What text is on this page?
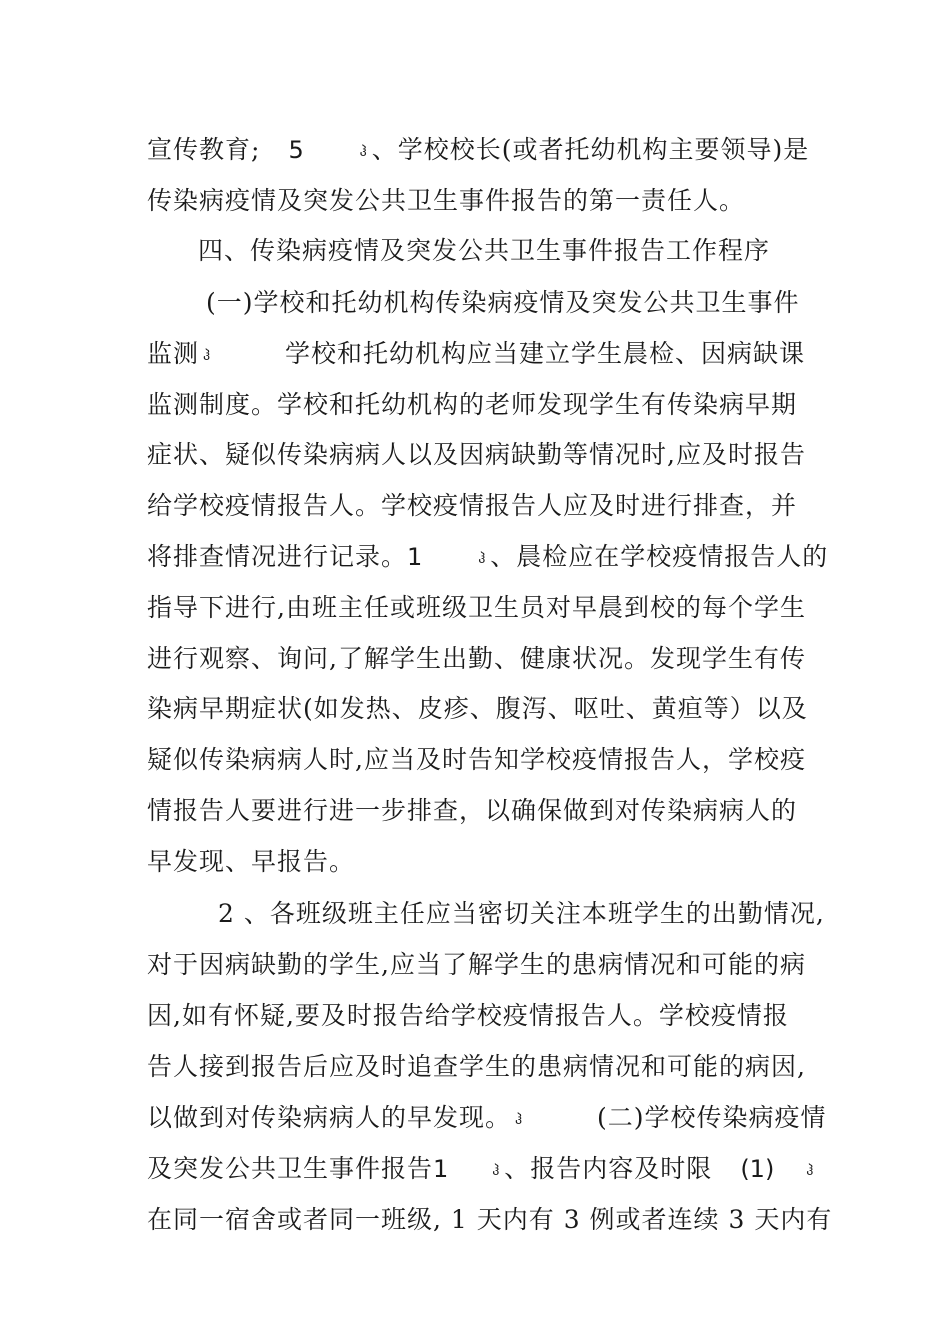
宣传教育; 5	ჰ 、学校校长(或者托幼机构主要领导)是
传染病疫情及突发公共卫生事件报告的第一责任人。
四、传染病疫情及突发公共卫生事件报告工作程序
(一)学校和托幼机构传染病疫情及突发公共卫生事件
监测 ჰ	学校和托幼机构应当建立学生晨检、因病缺课
监测制度。学校和托幼机构的老师发现学生有传染病早期
症状、疑似传染病病人以及因病缺勤等情况时,应及时报告
给学校疫情报告人。学校疫情报告人应及时进行排查，并
将排查情况进行记录。1	ჰ 、晨检应在学校疫情报告人的
指导下进行,由班主任或班级卫生员对早晨到校的每个学生
进行观察、询问,了解学生出勤、健康状况。发现学生有传
染病早期症状(如发热、皮疹、腹泻、呕吐、黄疸等）以及
疑似传染病病人时,应当及时告知学校疫情报告人，学校疫
情报告人要进行进一步排查，以确保做到对传染病病人的
早发现、早报告。
2 、各班级班主任应当密切关注本班学生的出勤情况,
对于因病缺勤的学生,应当了解学生的患病情况和可能的病
因,如有怀疑,要及时报告给学校疫情报告人。学校疫情报
告人接到报告后应及时追查学生的患病情况和可能的病因,
以做到对传染病病人的早发现。 ჰ	(二)学校传染病疫情
及突发公共卫生事件报告1	ჰ 、报告内容及时限 (1) ჰ
在同一宿舍或者同一班级, 1 天内有 3 例或者连续 3 天内有
